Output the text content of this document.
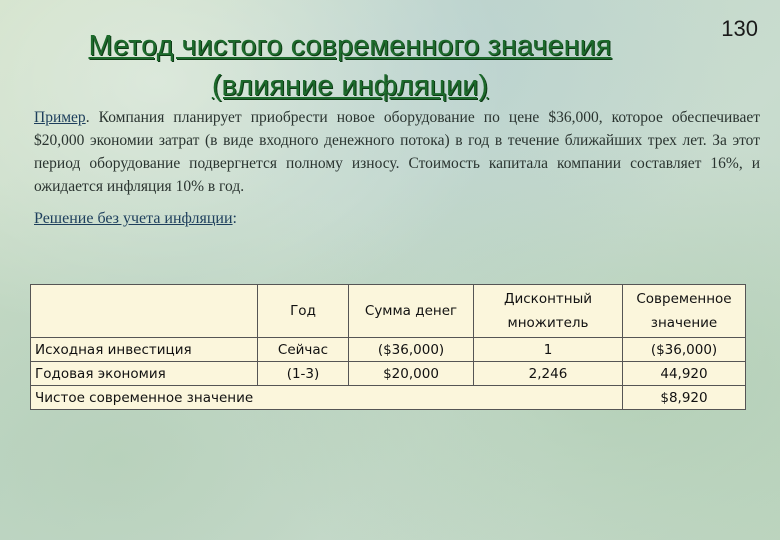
130
Метод чистого современного значения
(влияние инфляции)
Пример. Компания планирует приобрести новое оборудование по цене $36,000, которое обеспечивает $20,000 экономии затрат (в виде входного денежного потока) в год в течение ближайших трех лет. За этот период оборудование подвергнется полному износу. Стоимость капитала компании составляет 16%, и ожидается инфляция 10% в год.
Решение без учета инфляции:
	Год	Сумма денег	Дисконтный множитель	Современное значение
Исходная инвестиция	Сейчас	($36,000)	1	($36,000)
Годовая экономия	(1-3)	$20,000	2,246	44,920
Чистое современное значение				$8,920
